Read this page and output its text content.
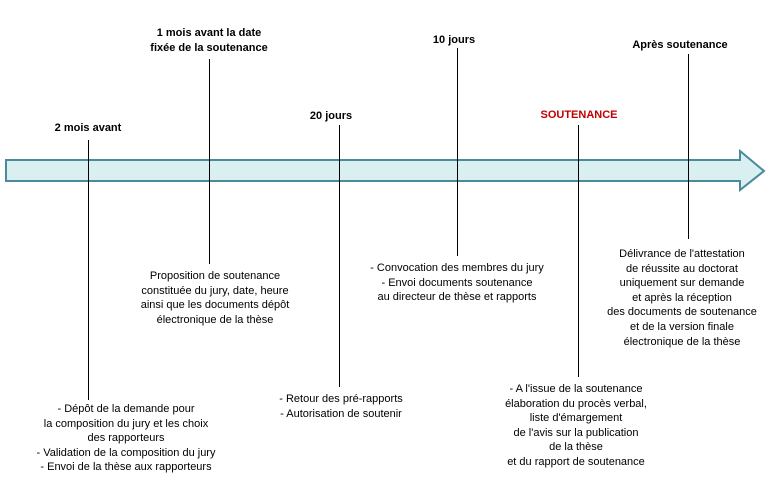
2 mois avant
1 mois avant la date
fixée de la soutenance
20 jours
10 jours
SOUTENANCE
Après soutenance
- Dépôt de la demande pour
la composition du jury et les choix
des rapporteurs
- Validation de la composition du jury
- Envoi de la thèse aux rapporteurs
Proposition de soutenance
constituée du jury, date, heure
ainsi que les documents dépôt
électronique de la thèse
- Retour des pré-rapports
- Autorisation de soutenir
- Convocation des membres du jury
- Envoi documents soutenance
au directeur de thèse et rapports
- A l'issue de la soutenance
élaboration du procès verbal,
liste d'émargement
de l'avis sur la publication
de la thèse
et du rapport de soutenance
Délivrance de l'attestation
de réussite au doctorat
uniquement sur demande
et après la réception
des documents de soutenance
et de la version finale
électronique de la thèse
